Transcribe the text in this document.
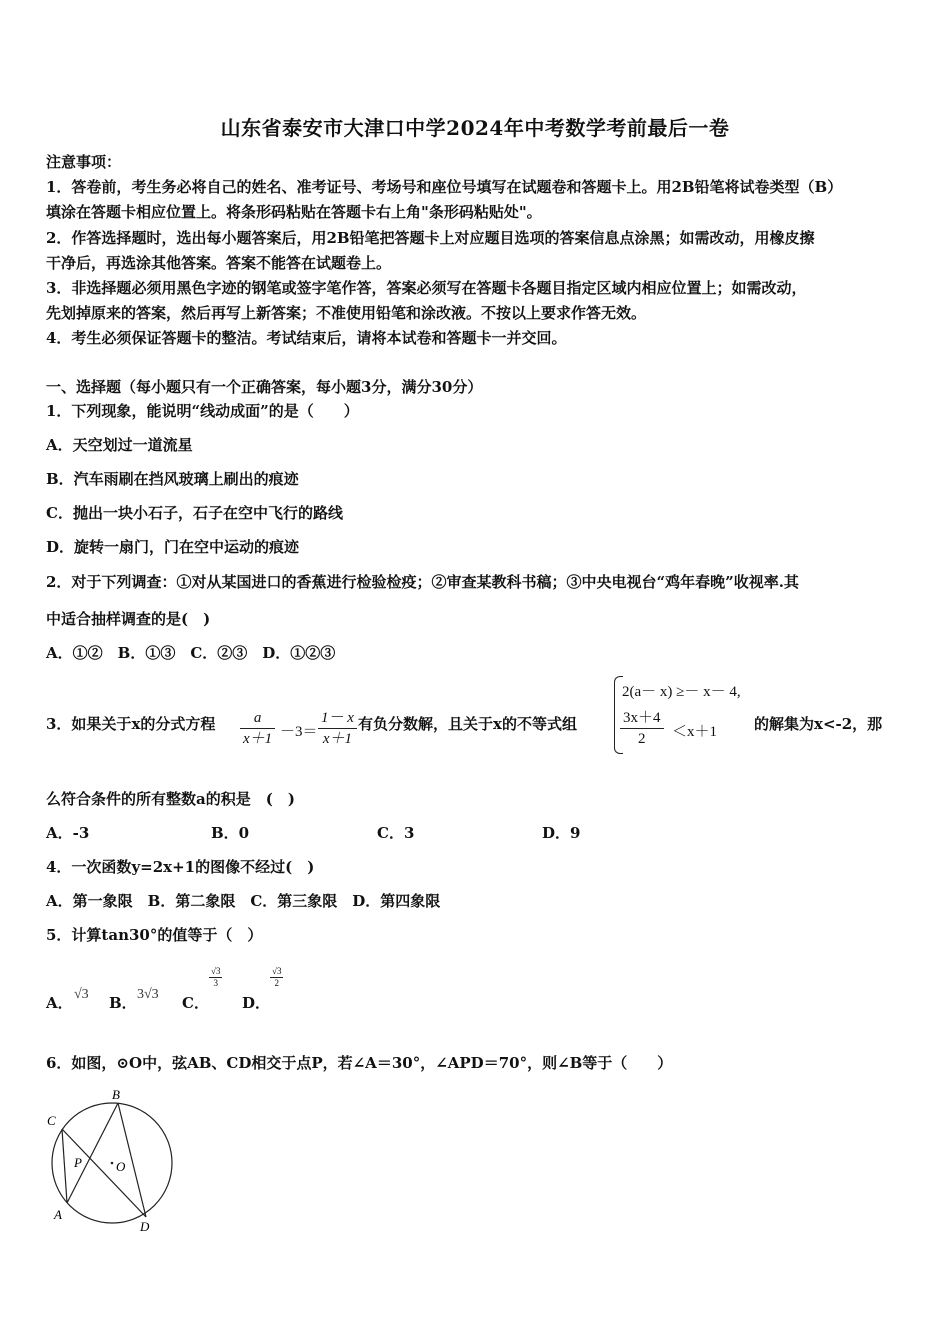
山东省泰安市大津口中学2024年中考数学考前最后一卷
注意事项：
1．答卷前，考生务必将自己的姓名、准考证号、考场号和座位号填写在试题卷和答题卡上。用2B铅笔将试卷类型（B）
填涂在答题卡相应位置上。将条形码粘贴在答题卡右上角"条形码粘贴处"。
2．作答选择题时，选出每小题答案后，用2B铅笔把答题卡上对应题目选项的答案信息点涂黑；如需改动，用橡皮擦
干净后，再选涂其他答案。答案不能答在试题卷上。
3．非选择题必须用黑色字迹的钢笔或签字笔作答，答案必须写在答题卡各题目指定区域内相应位置上；如需改动，
先划掉原来的答案，然后再写上新答案；不准使用铅笔和涂改液。不按以上要求作答无效。
4．考生必须保证答题卡的整洁。考试结束后，请将本试卷和答题卡一并交回。
一、选择题（每小题只有一个正确答案，每小题3分，满分30分）
1．下列现象，能说明“线动成面”的是（　　）
A．天空划过一道流星
B．汽车雨刷在挡风玻璃上刷出的痕迹
C．抛出一块小石子，石子在空中飞行的路线
D．旋转一扇门，门在空中运动的痕迹
2．对于下列调查：①对从某国进口的香蕉进行检验检疫；②审查某教科书稿；③中央电视台“鸡年春晚”收视率.其
中适合抽样调查的是(　)
A．①②　B．①③　C．②③　D．①②③
3．如果关于x的分式方程 $\frac{a}{x+1} -3= \frac{1- x}{x+1}$ 有负分数解，且关于x的不等式组
2(a－ x) ≥－ x－ 4,
$\frac{3x+4}{2} <x+1$ 的解集为x<-2，那
么符合条件的所有整数a的积是　(　)
A．-3	B．0	C．3	D．9
4．一次函数y=2x+1的图像不经过(　)
A．第一象限　B．第二象限　C．第三象限　D．第四象限
5．计算tan30°的值等于（　）
A． √3 B． 3√3 C．
$\frac{√3}{3}$
D．
$\frac{√3}{2}$
6．如图，⊙O中，弦AB、CD相交于点P，若∠A＝30°，∠APD＝70°，则∠B等于（　　）
B
C
P	O
A
D
